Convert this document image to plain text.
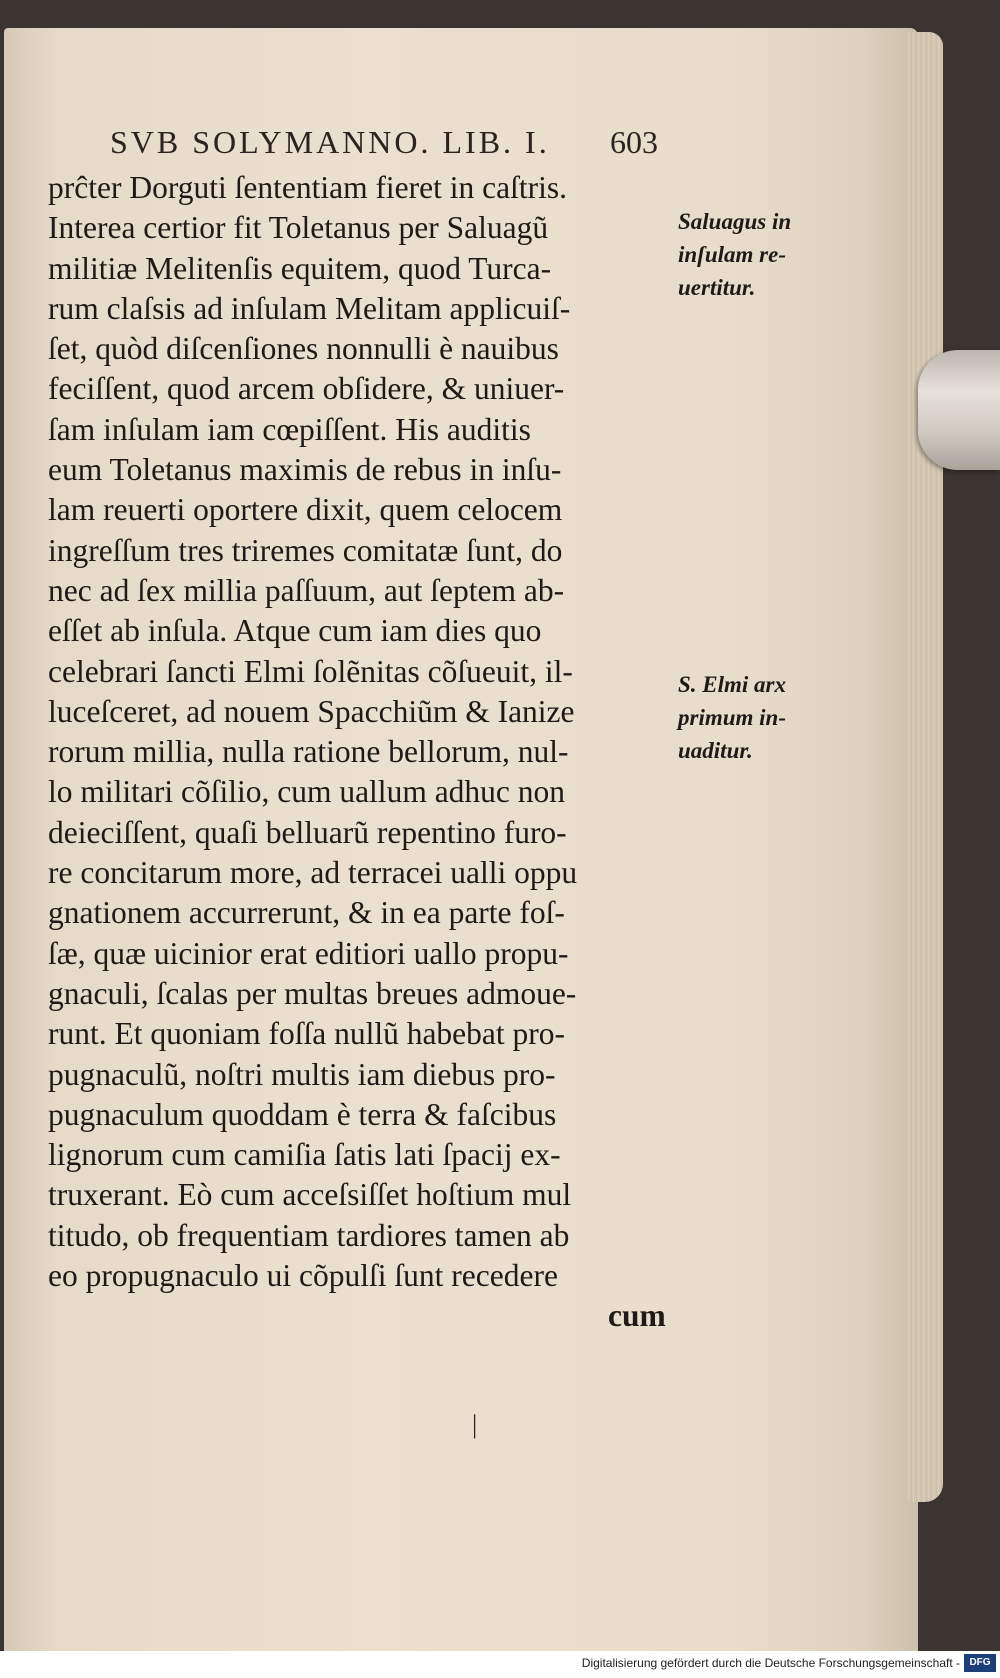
SVB SOLYMANNO. LIB. I. 603
prĉter Dorguti ſententiam fieret in caſtris.
Interea certior fit Toletanus per Saluagũ
militiæ Melitenſis equitem, quod Turca-
rum claſsis ad inſulam Melitam applicuiſ-
ſet, quòd diſcenſiones nonnulli è nauibus
feciſſent, quod arcem obſidere, & uniuer-
ſam inſulam iam cœpiſſent. His auditis
eum Toletanus maximis de rebus in inſu-
lam reuerti oportere dixit, quem celocem
ingreſſum tres triremes comitatæ ſunt, do
nec ad ſex millia paſſuum, aut ſeptem ab-
eſſet ab inſula. Atque cum iam dies quo
celebrari ſancti Elmi ſolẽnitas cõſueuit, il-
luceſceret, ad nouem Spacchiũm & Ianize
rorum millia, nulla ratione bellorum, nul-
lo militari cõſilio, cum uallum adhuc non
deieciſſent, quaſi belluarũ repentino furo-
re concitarum more, ad terracei ualli oppu
gnationem accurrerunt, & in ea parte foſ-
ſæ, quæ uicinior erat editiori uallo propu-
gnaculi, ſcalas per multas breues admoue-
runt. Et quoniam foſſa nullũ habebat pro-
pugnaculũ, noſtri multis iam diebus pro-
pugnaculum quoddam è terra & faſcibus
lignorum cum camiſia ſatis lati ſpacij ex-
truxerant. Eò cum acceſsiſſet hoſtium mul
titudo, ob frequentiam tardiores tamen ab
eo propugnaculo ui cõpulſi ſunt recedere
cum
Saluagus in
inſulam re-
uertitur.
S. Elmi arx
primum in-
uaditur.
|
Digitalisierung gefördert durch die Deutsche Forschungsgemeinschaft - DFG
